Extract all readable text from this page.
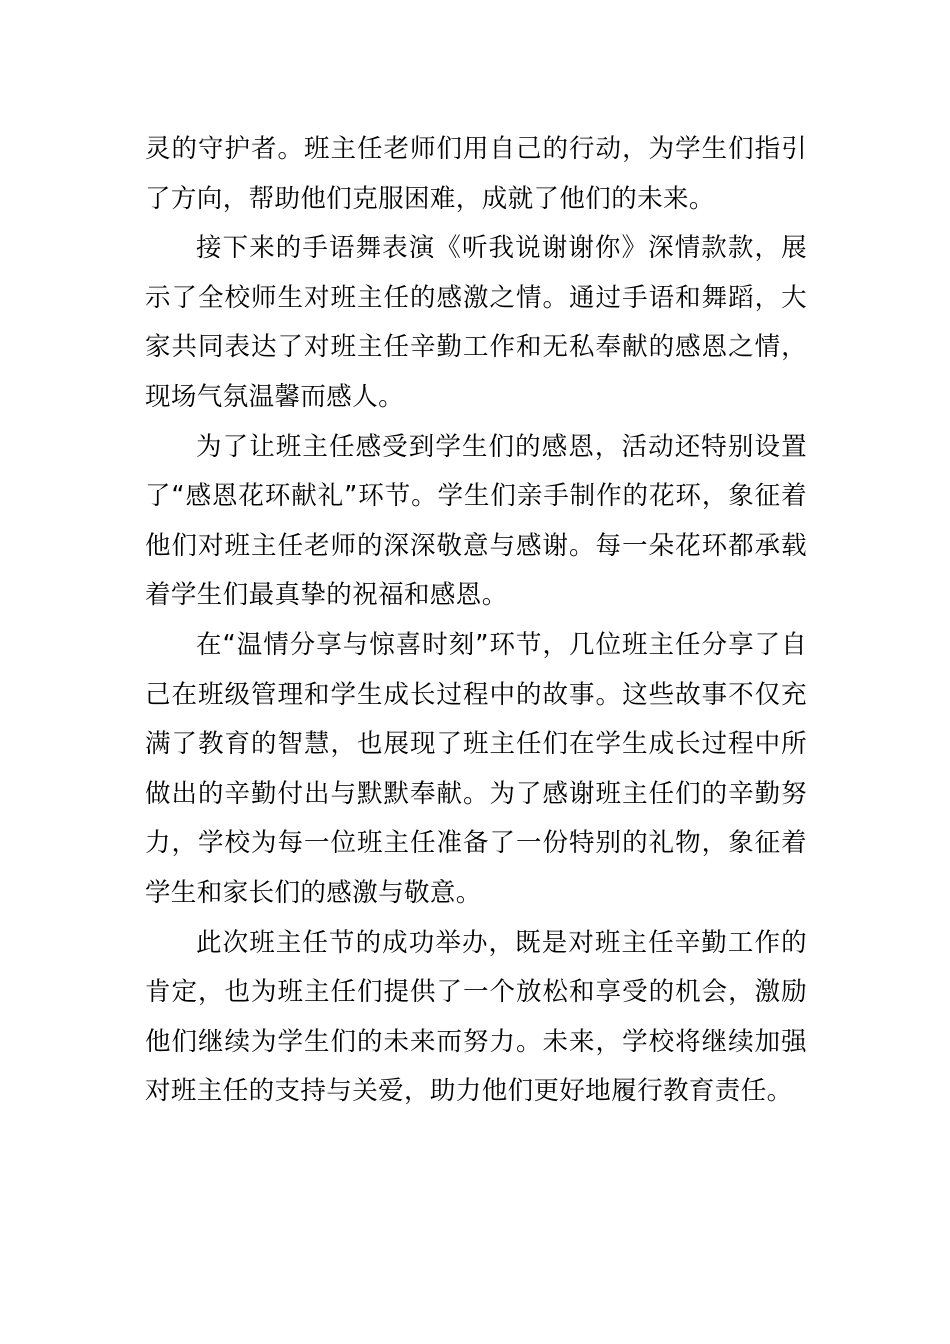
灵的守护者。班主任老师们用自己的行动，为学生们指引了方向，帮助他们克服困难，成就了他们的未来。

接下来的手语舞表演《听我说谢谢你》深情款款，展示了全校师生对班主任的感激之情。通过手语和舞蹈，大家共同表达了对班主任辛勤工作和无私奉献的感恩之情，现场气氛温馨而感人。

为了让班主任感受到学生们的感恩，活动还特别设置了“感恩花环献礼”环节。学生们亲手制作的花环，象征着他们对班主任老师的深深敬意与感谢。每一朵花环都承载着学生们最真挚的祝福和感恩。

在“温情分享与惊喜时刻”环节，几位班主任分享了自己在班级管理和学生成长过程中的故事。这些故事不仅充满了教育的智慧，也展现了班主任们在学生成长过程中所做出的辛勤付出与默默奉献。为了感谢班主任们的辛勤努力，学校为每一位班主任准备了一份特别的礼物，象征着学生和家长们的感激与敬意。

此次班主任节的成功举办，既是对班主任辛勤工作的肯定，也为班主任们提供了一个放松和享受的机会，激励他们继续为学生们的未来而努力。未来，学校将继续加强对班主任的支持与关爱，助力他们更好地履行教育责任。
